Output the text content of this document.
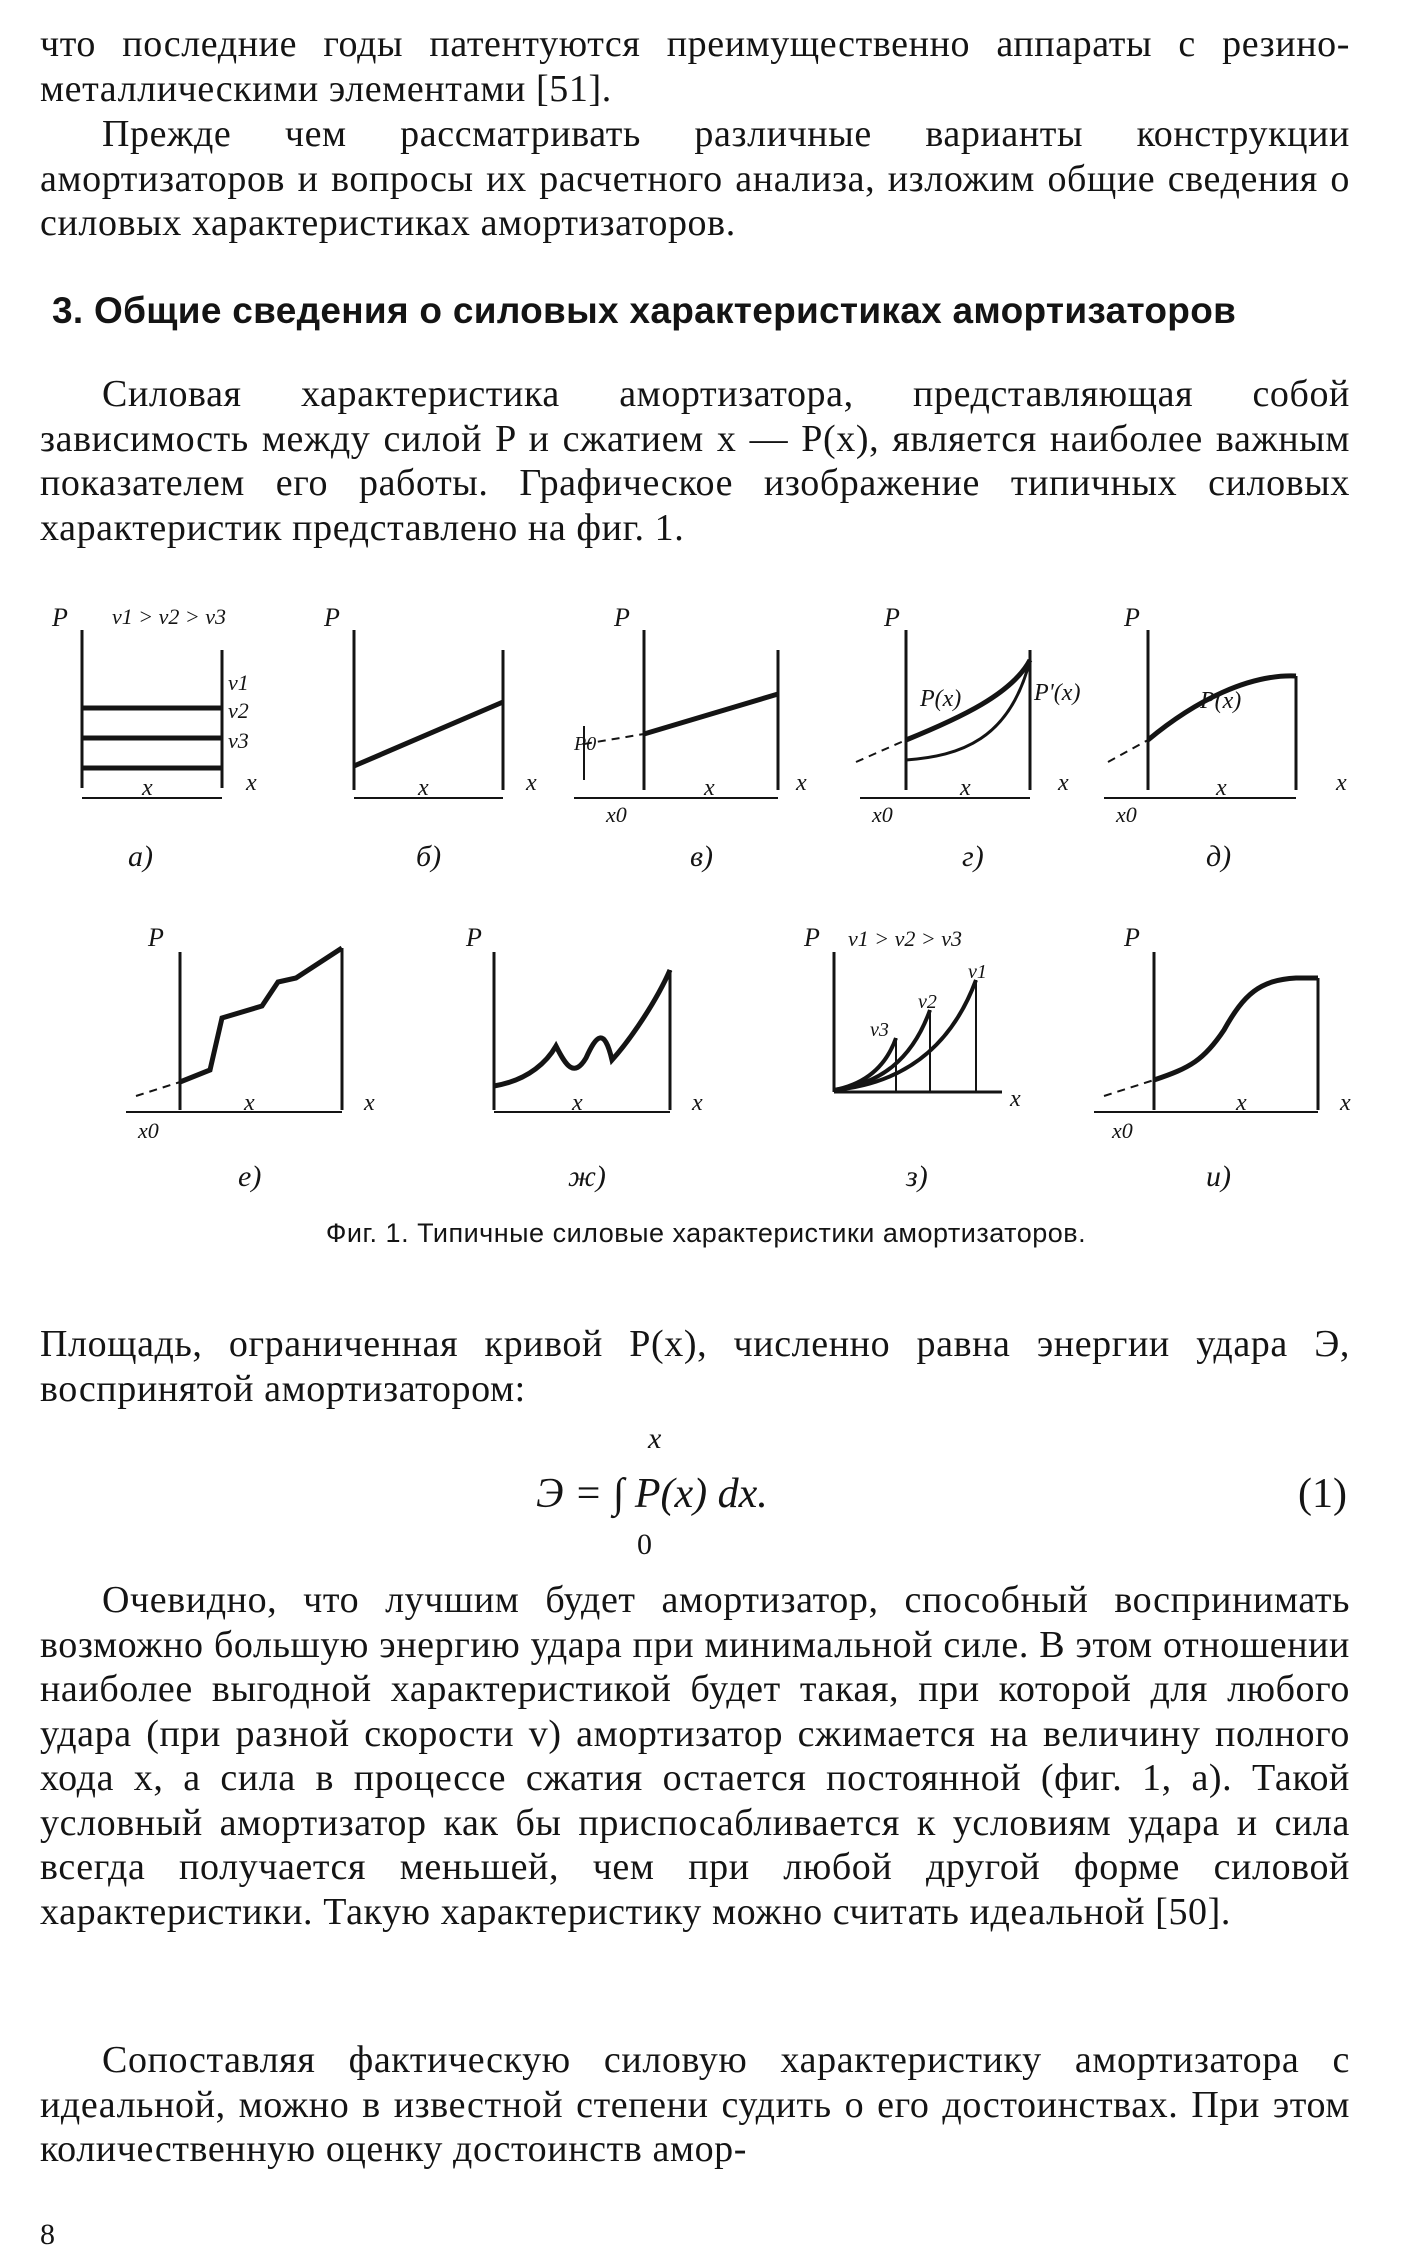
что последние годы патентуются преимущественно аппараты с резино-металлическими элементами [51].
Прежде чем рассматривать различные варианты конструкции амортизаторов и вопросы их расчетного анализа, изложим общие сведения о силовых характеристиках амортизаторов.
3. Общие сведения о силовых характеристиках амортизаторов
Силовая характеристика амортизатора, представляющая собой зависимость между силой P и сжатием x — P(x), является наиболее важным показателем его работы. Графическое изображение типичных силовых характеристик представлено на фиг. 1.
P v1 > v2 > v3
v1
v2
v3
x	x
а)
P
x	x
б)
P
P0
x0
x	x
в)
P
P(x)	P'(x)
x0
x	x
г)
P
P(x)
x0
x	x
д)
P
x0
x	x
е)
P
x	x
ж)
P v1 > v2 > v3
v1
v2
v3
x
з)
P
x0
x	x
и)
Фиг. 1. Типичные силовые характеристики амортизаторов.
Площадь, ограниченная кривой P(x), численно равна энергии удара Э, воспринятой амортизатором:
Э = ∫ P(x) dx.
x
0
(1)
Очевидно, что лучшим будет амортизатор, способный воспринимать возможно большую энергию удара при минимальной силе. В этом отношении наиболее выгодной характеристикой будет такая, при которой для любого удара (при разной скорости v) амортизатор сжимается на величину полного хода x, а сила в процессе сжатия остается постоянной (фиг. 1, a). Такой условный амортизатор как бы приспосабливается к условиям удара и сила всегда получается меньшей, чем при любой другой форме силовой характеристики. Такую характеристику можно считать идеальной [50].
Сопоставляя фактическую силовую характеристику амортизатора с идеальной, можно в известной степени судить о его достоинствах. При этом количественную оценку достоинств амор-
8
